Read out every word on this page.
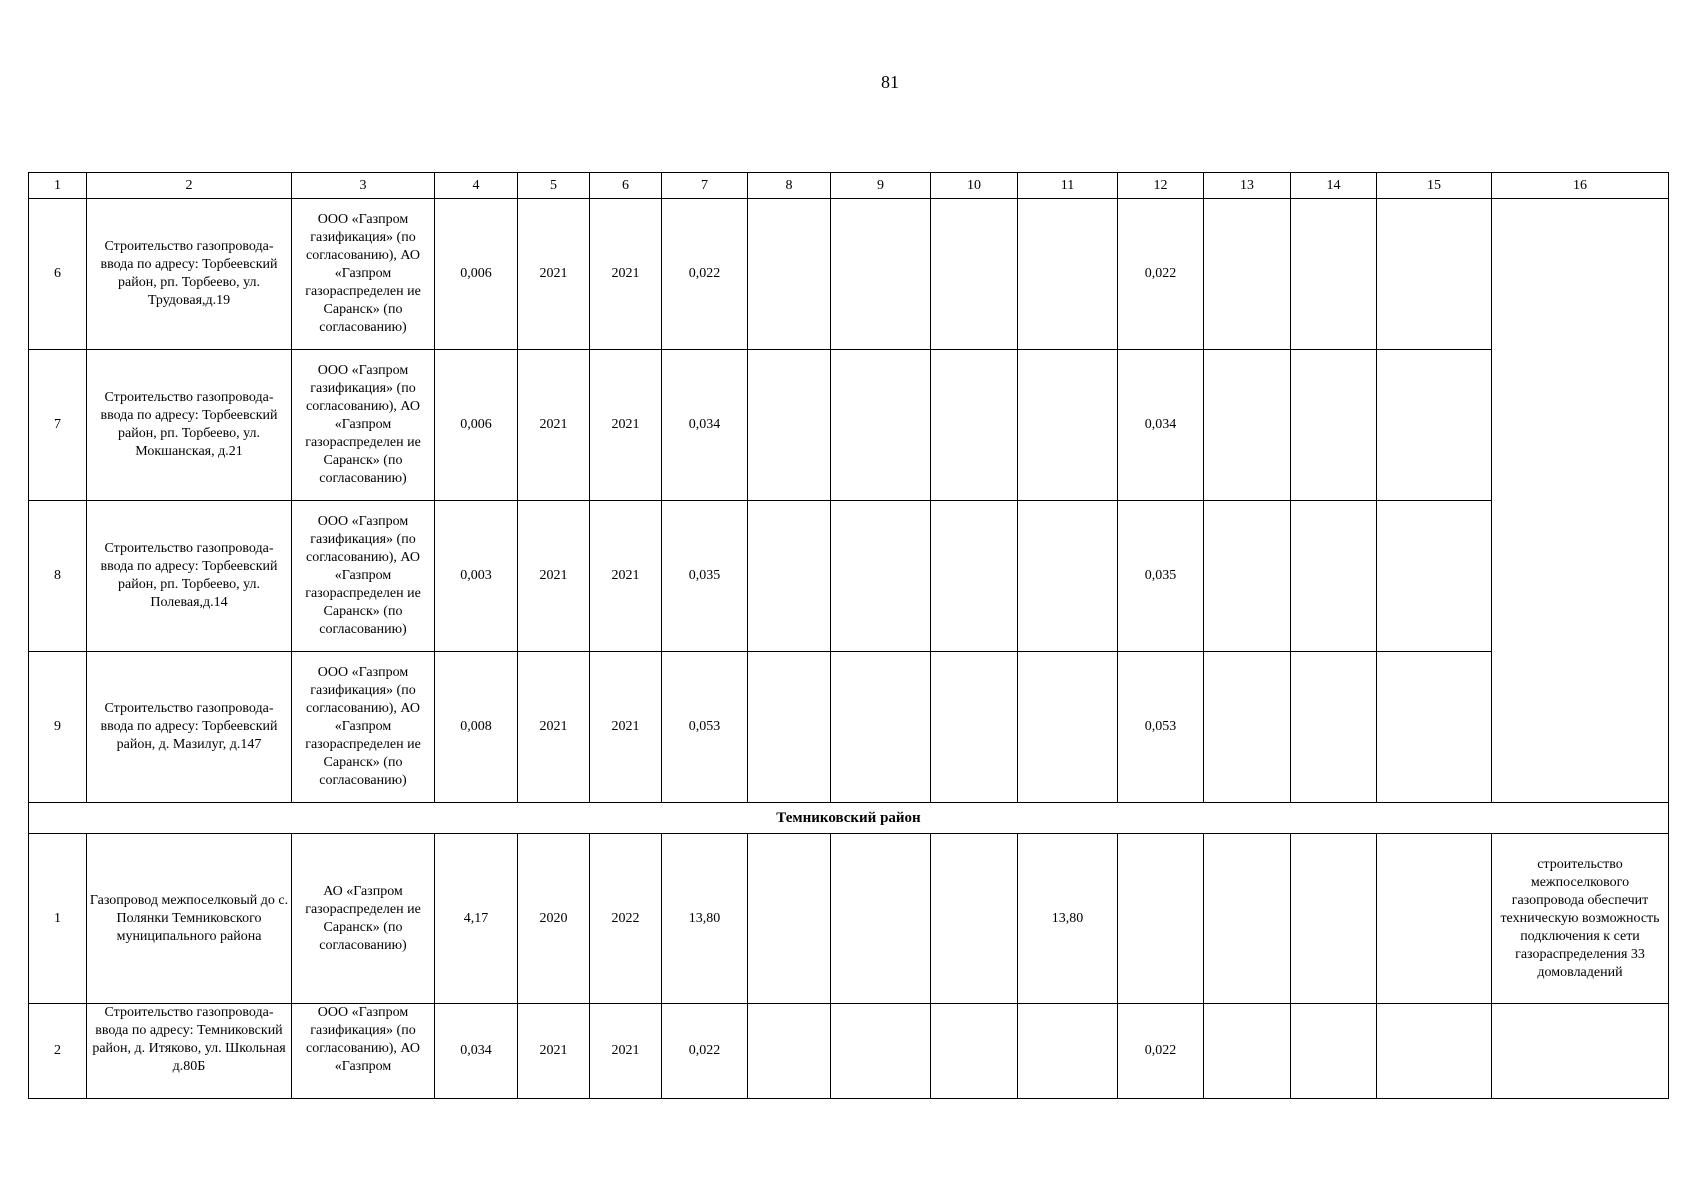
81
1	2	3	4	5	6	7	8	9	10	11	12	13	14	15	16
6	Строительство газопровода-ввода по адресу: Торбеевский район, рп. Торбеево, ул. Трудовая,д.19	ООО «Газпром газификация» (по согласованию), АО «Газпром газораспределен ие Саранск» (по согласованию)	0,006	2021	2021	0,022					0,022				
7	Строительство газопровода-ввода по адресу: Торбеевский район, рп. Торбеево, ул. Мокшанская, д.21	ООО «Газпром газификация» (по согласованию), АО «Газпром газораспределен ие Саранск» (по согласованию)	0,006	2021	2021	0,034					0,034				
8	Строительство газопровода-ввода по адресу: Торбеевский район, рп. Торбеево, ул. Полевая,д.14	ООО «Газпром газификация» (по согласованию), АО «Газпром газораспределен ие Саранск» (по согласованию)	0,003	2021	2021	0,035					0,035				
9	Строительство газопровода-ввода по адресу: Торбеевский район, д. Мазилуг, д.147	ООО «Газпром газификация» (по согласованию), АО «Газпром газораспределен ие Саранск» (по согласованию)	0,008	2021	2021	0,053					0,053				
Темниковский район															
1	Газопровод межпоселковый до с. Полянки Темниковского муниципального района	АО «Газпром газораспределен ие Саранск» (по согласованию)	4,17	2020	2022	13,80				13,80					строительство межпоселкового газопровода обеспечит техническую возможность подключения к сети газораспределения 33 домовладений
2	Строительство газопровода-ввода по адресу: Темниковский район, д. Итяково, ул. Школьная д.80Б	ООО «Газпром газификация» (по согласованию), АО «Газпром	0,034	2021	2021	0,022					0,022				
